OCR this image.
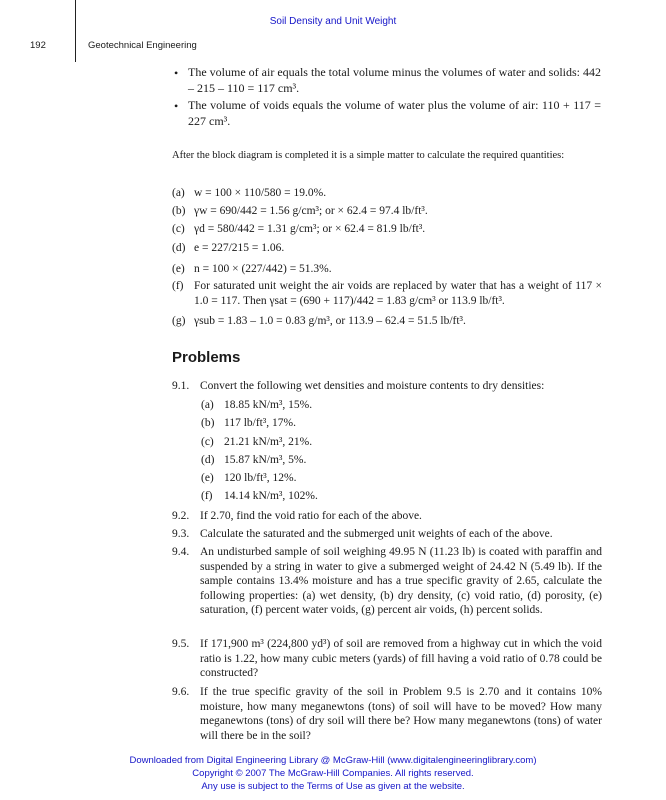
Soil Density and Unit Weight
192	Geotechnical Engineering
• The volume of air equals the total volume minus the volumes of water and solids: 442 – 215 – 110 = 117 cm³.
• The volume of voids equals the volume of water plus the volume of air: 110 + 117 = 227 cm³.
After the block diagram is completed it is a simple matter to calculate the required quantities:
(a) w = 100 × 110/580 = 19.0%.
(b) γw = 690/442 = 1.56 g/cm³; or × 62.4 = 97.4 lb/ft³.
(c) γd = 580/442 = 1.31 g/cm³; or × 62.4 = 81.9 lb/ft³.
(d) e = 227/215 = 1.06.
(e) n = 100 × (227/442) = 51.3%.
(f) For saturated unit weight the air voids are replaced by water that has a weight of 117 × 1.0 = 117. Then γsat = (690 + 117)/442 = 1.83 g/cm³ or 113.9 lb/ft³.
(g) γsub = 1.83 – 1.0 = 0.83 g/m³, or 113.9 – 62.4 = 51.5 lb/ft³.
Problems
9.1. Convert the following wet densities and moisture contents to dry densities:
(a) 18.85 kN/m³, 15%.
(b) 117 lb/ft³, 17%.
(c) 21.21 kN/m³, 21%.
(d) 15.87 kN/m³, 5%.
(e) 120 lb/ft³, 12%.
(f) 14.14 kN/m³, 102%.
9.2. If 2.70, find the void ratio for each of the above.
9.3. Calculate the saturated and the submerged unit weights of each of the above.
9.4. An undisturbed sample of soil weighing 49.95 N (11.23 lb) is coated with paraffin and suspended by a string in water to give a submerged weight of 24.42 N (5.49 lb). If the sample contains 13.4% moisture and has a true specific gravity of 2.65, calculate the following properties: (a) wet density, (b) dry density, (c) void ratio, (d) porosity, (e) saturation, (f) percent water voids, (g) percent air voids, (h) percent solids.
9.5. If 171,900 m³ (224,800 yd³) of soil are removed from a highway cut in which the void ratio is 1.22, how many cubic meters (yards) of fill having a void ratio of 0.78 could be constructed?
9.6. If the true specific gravity of the soil in Problem 9.5 is 2.70 and it contains 10% moisture, how many meganewtons (tons) of soil will have to be moved? How many meganewtons (tons) of dry soil will there be? How many meganewtons (tons) of water will there be in the soil?
Downloaded from Digital Engineering Library @ McGraw-Hill (www.digitalengineeringlibrary.com)
Copyright © 2007 The McGraw-Hill Companies. All rights reserved.
Any use is subject to the Terms of Use as given at the website.
